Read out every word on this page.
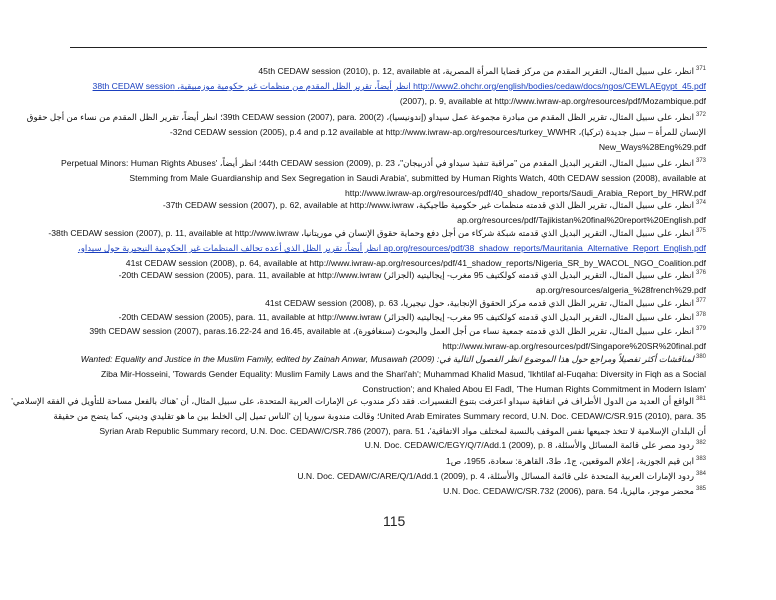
$^{371}$انظر، على سبيل المثال، التقرير المقدم من مركز قضايا المرأة المصرية، 45th CEDAW session (2010), p. 12, available at
http://www2.ohchr.org/english/bodies/cedaw/docs/ngos/CEWLAEgypt_45.pdf انظر أيضاً، تقرير الظل المقدم من منظمات غير حكومية موزمبيقية، 38th CEDAW session
(2007), p. 9, available at http://www.iwraw-ap.org/resources/pdf/Mozambique.pdf
$^{372}$انظر، على سبيل المثال، تقرير الظل المقدم من مبادرة مجموعة عمل سيداو (إندونيسيا)، 39th CEDAW session (2007), para. 200(2)؛ انظر أيضاً، تقرير الظل المقدم من نساء من أجل حقوق
الإنسان للمرأة – سبل جديدة (تركيا)، 32nd CEDAW session (2005), p.4 and p.12 available at http://www.iwraw-ap.org/resources/turkey_WWHR-
New_Ways%28Eng%29.pdf
$^{373}$انظر، على سبيل المثال، التقرير البديل المقدم من "مراقبة تنفيذ سيداو في أذربيجان"، 44th CEDAW session (2009), p. 23؛ انظر أيضاً، 'Perpetual Minors: Human Rights Abuses
Stemming from Male Guardianship and Sex Segregation in Saudi Arabia', submitted by Human Rights Watch, 40th CEDAW session (2008), available at
http://www.iwraw-ap.org/resources/pdf/40_shadow_reports/Saudi_Arabia_Report_by_HRW.pdf
$^{374}$انظر، على سبيل المثال، تقرير الظل الذي قدمته منظمات غير حكومية طاجيكية، 37th CEDAW session (2007), p. 62, available at http://www.iwraw-
ap.org/resources/pdf/Tajikistan%20final%20report%20English.pdf
$^{375}$انظر، على سبيل المثال، التقرير البديل الذي قدمته شبكة شركاء من أجل دفع وحماية حقوق الإنسان في موريتانيا، 38th CEDAW session (2007), p. 11, available at http://www.iwraw-
ap.org/resources/pdf/38_shadow_reports/Mauritania_Alternative_Report_English.pdf انظر أيضاً، تقرير الظل الذي أعده تحالف المنظمات غير الحكومية النيجيرية حول سيداو،
41st CEDAW session (2008), p. 64, available at http://www.iwraw-ap.org/resources/pdf/41_shadow_reports/Nigeria_SR_by_WACOL_NGO_Coalition.pdf
$^{376}$انظر، على سبيل المثال، التقرير البديل الذي قدمته كولكتيف 95 مغرب- إيجاليتيه (الجزائر) 20th CEDAW session (2005), para. 11, available at http://www.iwraw-
ap.org/resources/algeria_%28french%29.pdf
$^{377}$انظر، على سبيل المثال، تقرير الظل الذي قدمه مركز الحقوق الإنجابية، حول نيجيريا، 41st CEDAW session (2008), p. 63
$^{378}$انظر، على سبيل المثال، التقرير البديل الذي قدمته كولكتيف 95 مغرب- إيجاليتيه (الجزائر) 20th CEDAW session (2005), para. 11, available at http://www.iwraw-
$^{379}$انظر، على سبيل المثال، تقرير الظل الذي قدمته جمعية نساء من أجل العمل والبحوث (سنغافورة)، 39th CEDAW session (2007), paras.16.22-24 and 16.45, available at
http://www.iwraw-ap.org/resources/pdf/Singapore%20SR%20final.pdf
$^{380}$لمناقشات أكثر تفصيلاً ومراجع حول هذا الموضوع انظر الفصول التالية في: Wanted: Equality and Justice in the Muslim Family, edited by Zainah Anwar, Musawah (2009)
Ziba Mir-Hosseini, 'Towards Gender Equality: Muslim Family Laws and the Shari'ah'; Muhammad Khalid Masud, 'Ikhtilaf al-Fuqaha: Diversity in Fiqh as a Social
Construction'; and Khaled Abou El Fadl, 'The Human Rights Commitment in Modern Islam'
$^{381}$الواقع أن العديد من الدول الأطراف في اتفاقية سيداو اعترفت بتنوع التفسيرات. فقد ذكر مندوب عن الإمارات العربية المتحدة، على سبيل المثال، أن 'هناك بالفعل مساحة للتأويل في الفقه الإسلامي'
United Arab Emirates Summary record, U.N. Doc. CEDAW/C/SR.915 (2010), para. 35؛ وقالت مندوبة سوريا إن 'الناس تميل إلى الخلط بين ما هو تقليدي وديني، كما يتضح من حقيقة
أن البلدان الإسلامية لا تتخذ جميعها نفس الموقف بالنسبة لمختلف مواد الاتفاقية'، Syrian Arab Republic Summary record, U.N. Doc. CEDAW/C/SR.786 (2007), para. 51
$^{382}$ردود مصر على قائمة المسائل والأسئلة، U.N. Doc. CEDAW/C/EGY/Q/7/Add.1 (2009), p. 8
$^{383}$ابن قيم الجوزية، إعلام الموقعين، ج1، ط3، القاهرة: سعادة، 1955، ص1
$^{384}$ردود الإمارات العربية المتحدة على قائمة المسائل والأسئلة، U.N. Doc. CEDAW/C/ARE/Q/1/Add.1 (2009), p. 4
$^{385}$محضر موجز، ماليزيا، U.N. Doc. CEDAW/C/SR.732 (2006), para. 54
115
